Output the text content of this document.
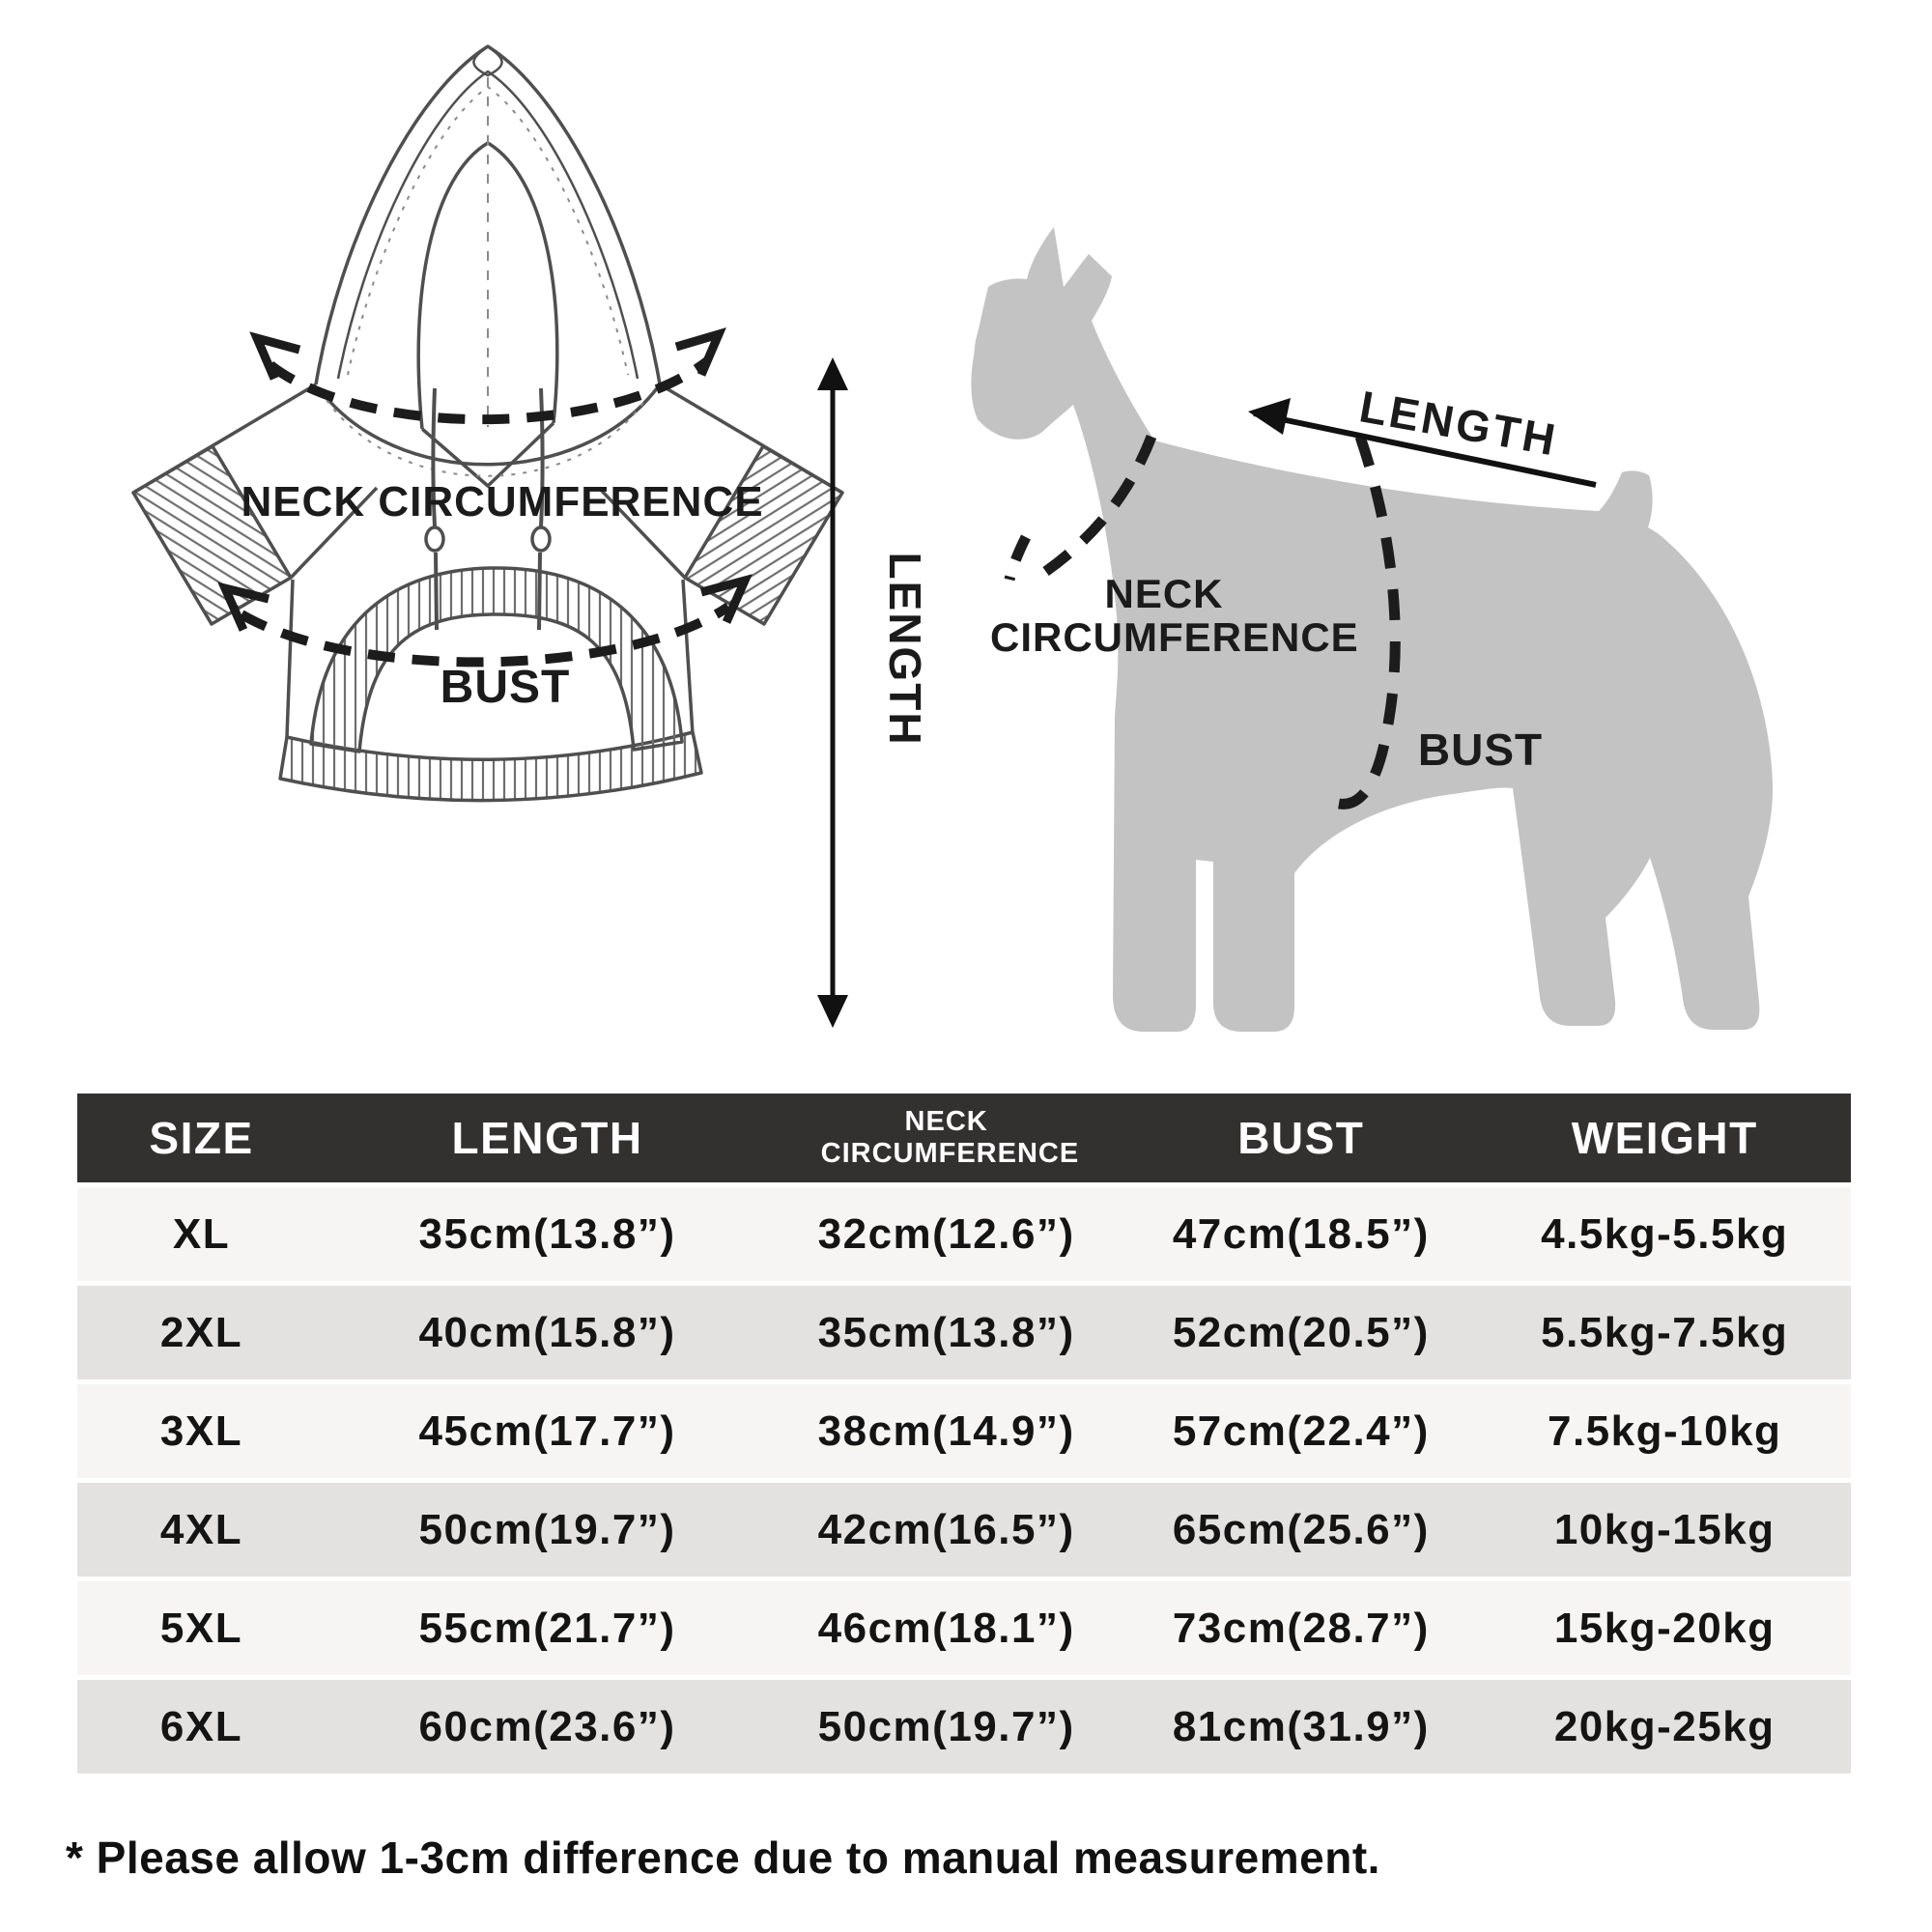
NECK CIRCUMFERENCE
BUST	LENGTH
LENGTH
NECK CIRCUMFERENCE
BUST
SIZE	LENGTH	NECK CIRCUMFERENCE	BUST	WEIGHT
XL	35cm(13.8”)	32cm(12.6”)	47cm(18.5”)	4.5kg-5.5kg
2XL	40cm(15.8”)	35cm(13.8”)	52cm(20.5”)	5.5kg-7.5kg
3XL	45cm(17.7”)	38cm(14.9”)	57cm(22.4”)	7.5kg-10kg
4XL	50cm(19.7”)	42cm(16.5”)	65cm(25.6”)	10kg-15kg
5XL	55cm(21.7”)	46cm(18.1”)	73cm(28.7”)	15kg-20kg
6XL	60cm(23.6”)	50cm(19.7”)	81cm(31.9”)	20kg-25kg
* Please allow 1-3cm difference due to manual measurement.
